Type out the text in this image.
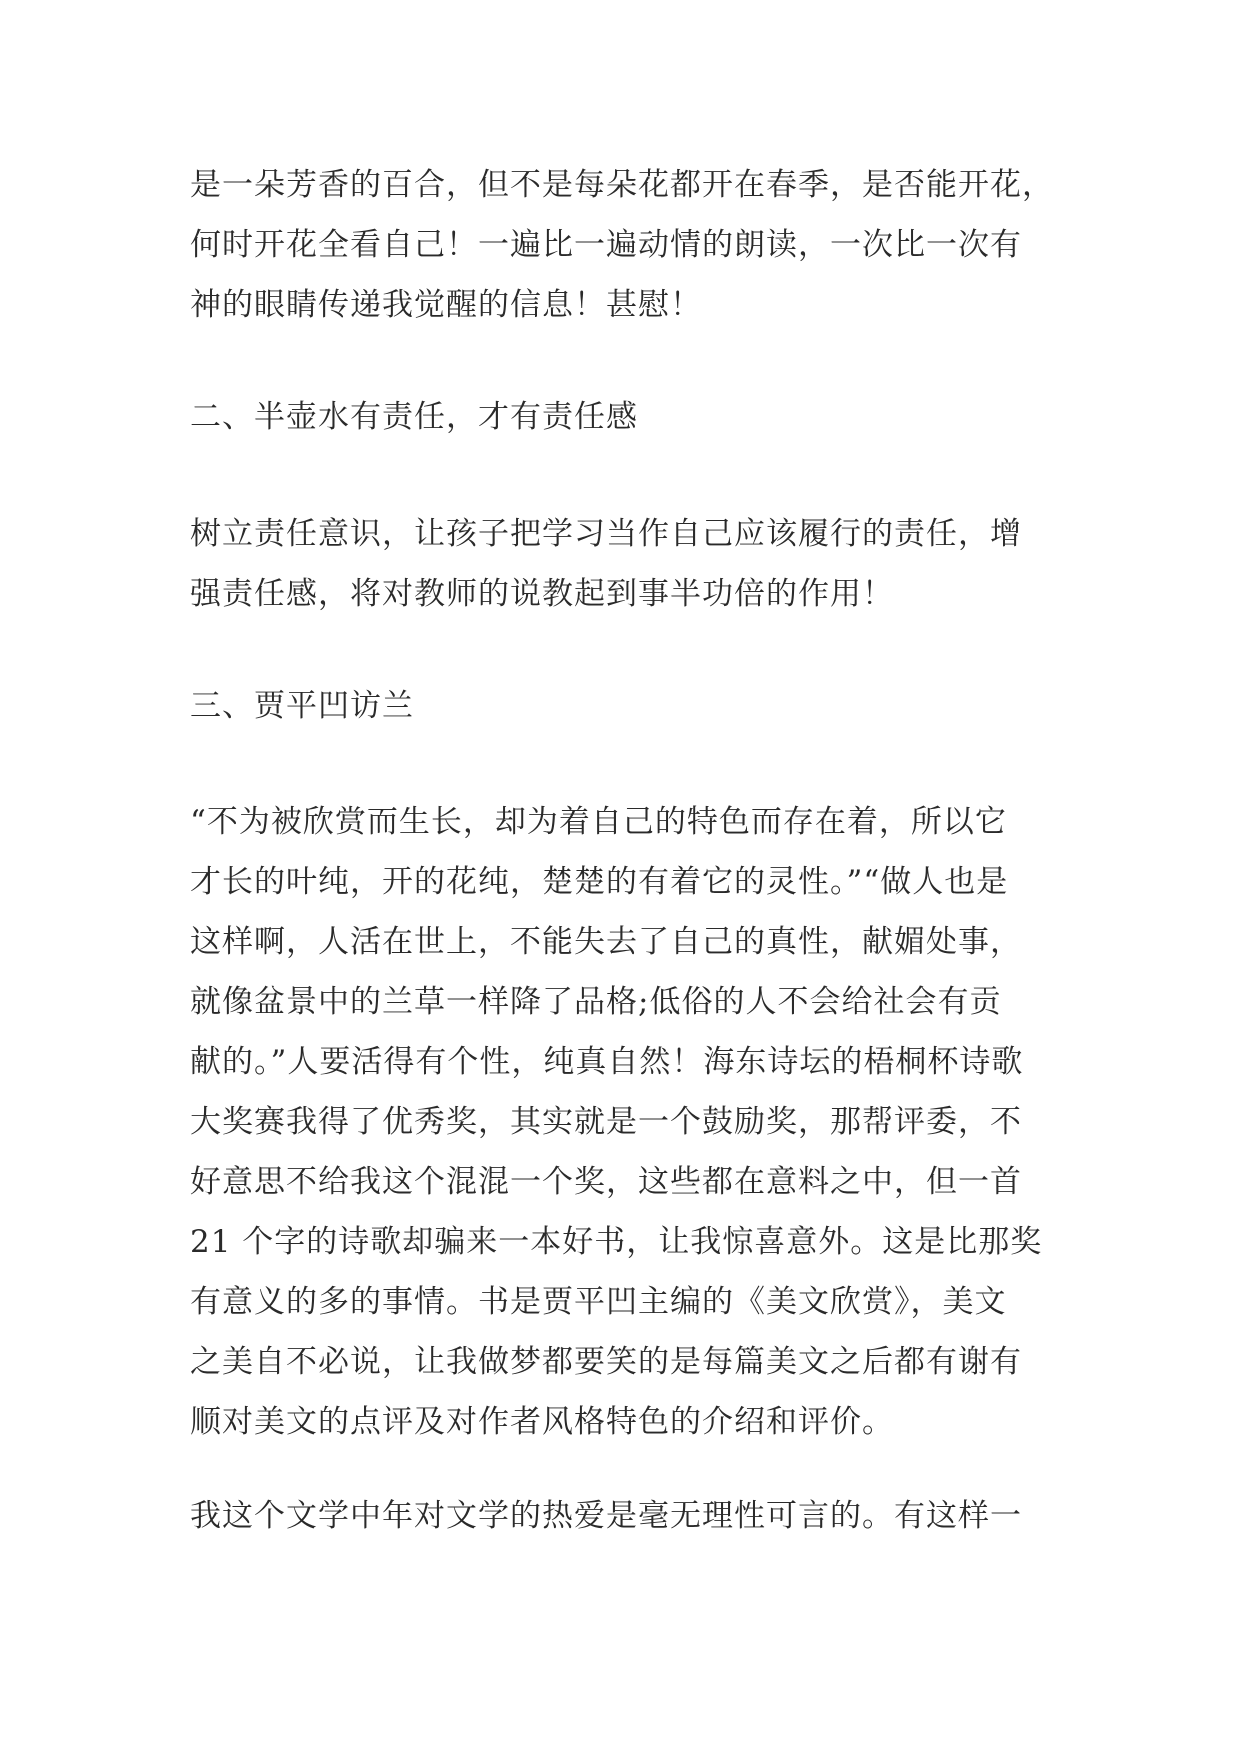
是一朵芳香的百合，但不是每朵花都开在春季，是否能开花，
何时开花全看自己！一遍比一遍动情的朗读，一次比一次有
神的眼睛传递我觉醒的信息！甚慰！
二、半壶水有责任，才有责任感
树立责任意识，让孩子把学习当作自己应该履行的责任，增
强责任感，将对教师的说教起到事半功倍的作用！
三、贾平凹访兰
“不为被欣赏而生长，却为着自己的特色而存在着，所以它
才长的叶纯，开的花纯，楚楚的有着它的灵性。”“做人也是
这样啊，人活在世上，不能失去了自己的真性，献媚处事，
就像盆景中的兰草一样降了品格;低俗的人不会给社会有贡
献的。”人要活得有个性，纯真自然！海东诗坛的梧桐杯诗歌
大奖赛我得了优秀奖，其实就是一个鼓励奖，那帮评委，不
好意思不给我这个混混一个奖，这些都在意料之中，但一首
21 个字的诗歌却骗来一本好书，让我惊喜意外。这是比那奖
有意义的多的事情。书是贾平凹主编的《美文欣赏》，美文
之美自不必说，让我做梦都要笑的是每篇美文之后都有谢有
顺对美文的点评及对作者风格特色的介绍和评价。
我这个文学中年对文学的热爱是毫无理性可言的。有这样一
